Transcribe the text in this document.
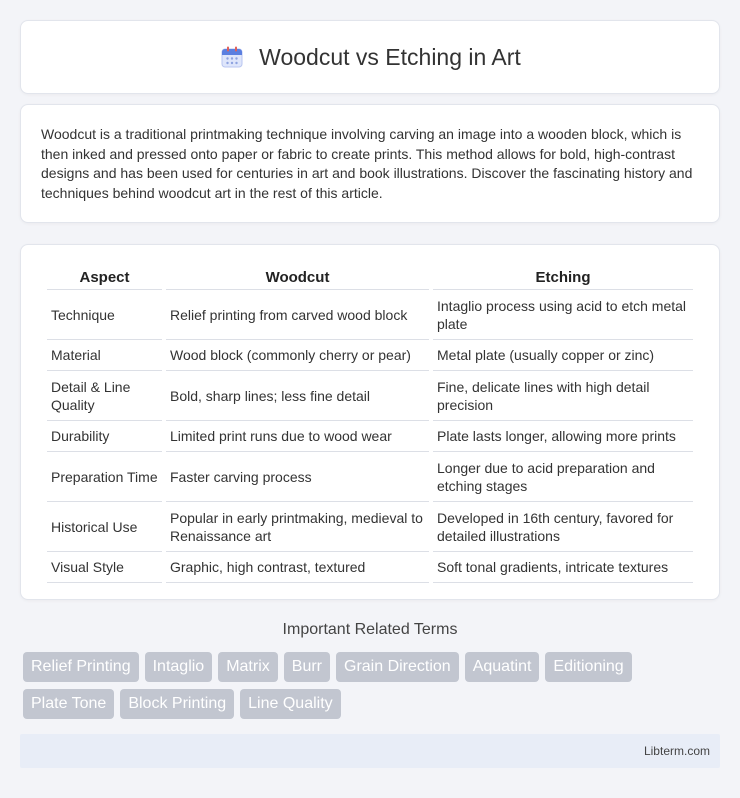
Woodcut vs Etching in Art

Woodcut is a traditional printmaking technique involving carving an image into a wooden block, which is then inked and pressed onto paper or fabric to create prints. This method allows for bold, high-contrast designs and has been used for centuries in art and book illustrations. Discover the fascinating history and techniques behind woodcut art in the rest of this article.

Aspect	Woodcut	Etching
Technique	Relief printing from carved wood block	Intaglio process using acid to etch metal plate
Material	Wood block (commonly cherry or pear)	Metal plate (usually copper or zinc)
Detail & Line Quality	Bold, sharp lines; less fine detail	Fine, delicate lines with high detail precision
Durability	Limited print runs due to wood wear	Plate lasts longer, allowing more prints
Preparation Time	Faster carving process	Longer due to acid preparation and etching stages
Historical Use	Popular in early printmaking, medieval to Renaissance art	Developed in 16th century, favored for detailed illustrations
Visual Style	Graphic, high contrast, textured	Soft tonal gradients, intricate textures
Important Related Terms
Relief Printing	Intaglio	Matrix	Burr	Grain Direction	Aquatint	Editioning
Plate Tone	Block Printing	Line Quality
Libterm.com
